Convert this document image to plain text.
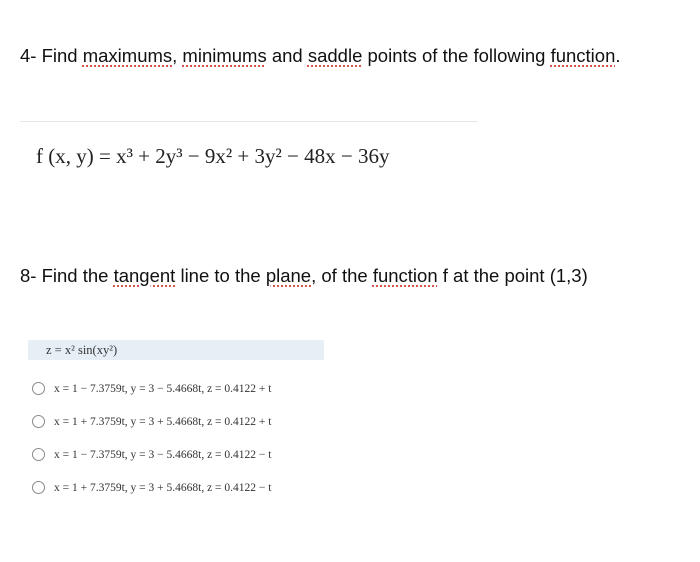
4- Find maximums, minimums and saddle points of the following function.
f (x, y) = x³ + 2y³ − 9x² + 3y² − 48x − 36y
8- Find the tangent line to the plane, of the function f at the point (1,3)
z = x² sin(xy²)
x = 1 − 7.3759t, y = 3 − 5.4668t, z = 0.4122 + t
x = 1 + 7.3759t, y = 3 + 5.4668t, z = 0.4122 + t
x = 1 − 7.3759t, y = 3 − 5.4668t, z = 0.4122 − t
x = 1 + 7.3759t, y = 3 + 5.4668t, z = 0.4122 − t
